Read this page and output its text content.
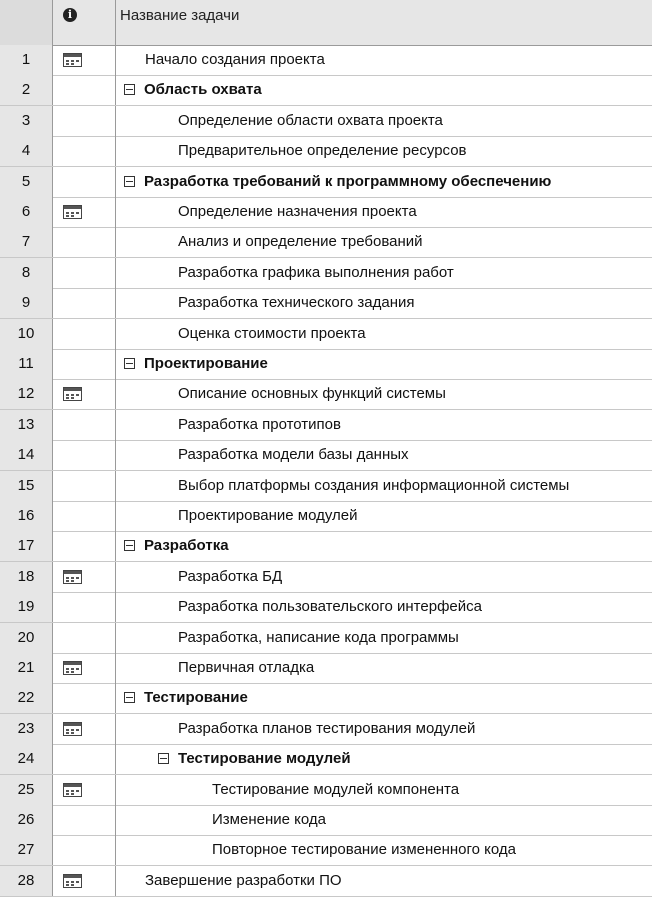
i	Название задачи
1	Начало создания проекта
2	Область охвата
3	Определение области охвата проекта
4	Предварительное определение ресурсов
5	Разработка требований к программному обеспечению
6	Определение назначения проекта
7	Анализ и определение требований
8	Разработка графика выполнения работ
9	Разработка технического задания
10	Оценка стоимости проекта
11	Проектирование
12	Описание основных функций системы
13	Разработка прототипов
14	Разработка модели базы данных
15	Выбор платформы создания информационной системы
16	Проектирование модулей
17	Разработка
18	Разработка БД
19	Разработка пользовательского интерфейса
20	Разработка, написание кода программы
21	Первичная отладка
22	Тестирование
23	Разработка планов тестирования модулей
24	Тестирование модулей
25	Тестирование модулей компонента
26	Изменение кода
27	Повторное тестирование измененного кода
28	Завершение разработки ПО
